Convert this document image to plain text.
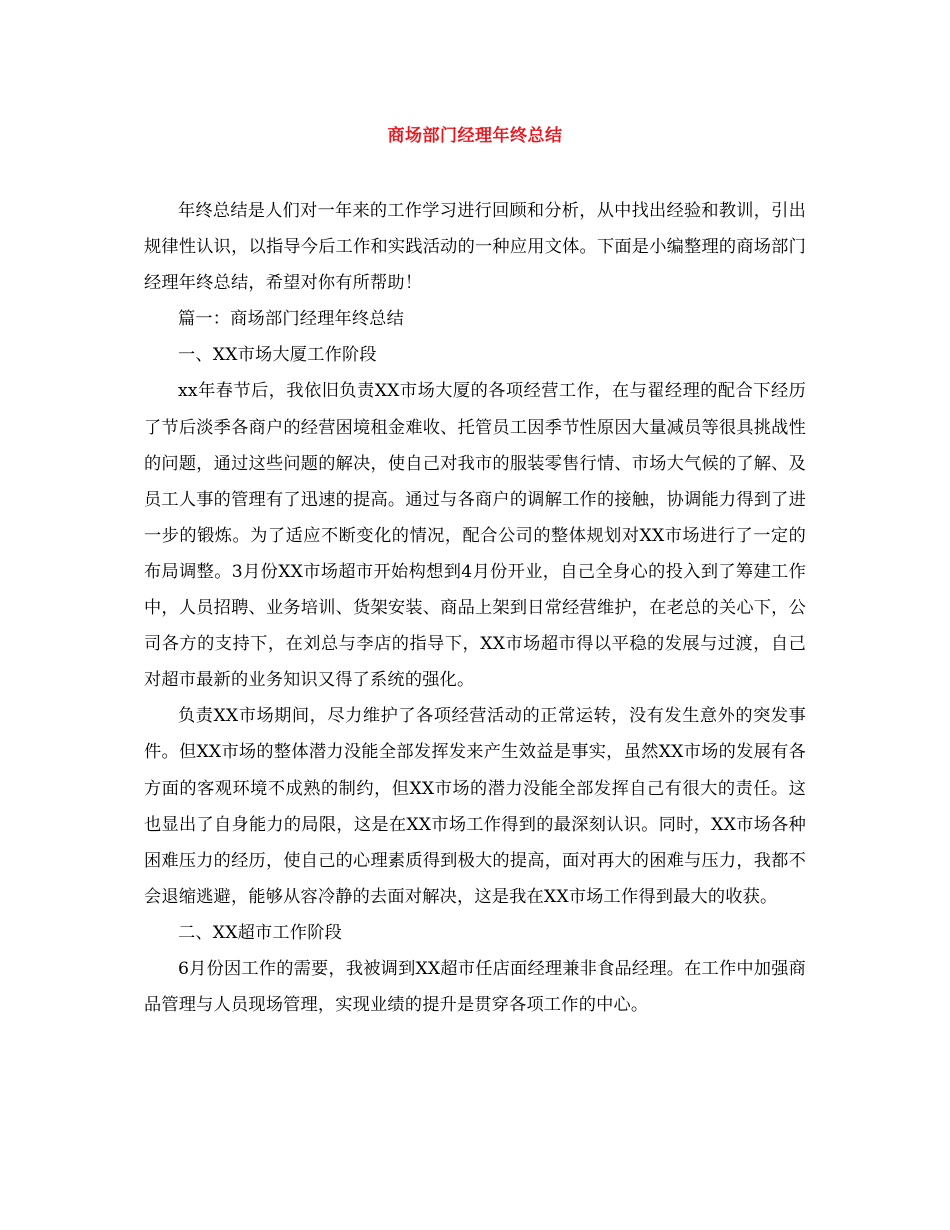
商场部门经理年终总结

年终总结是人们对一年来的工作学习进行回顾和分析，从中找出经验和教训，引出规律性认识，以指导今后工作和实践活动的一种应用文体。下面是小编整理的商场部门经理年终总结，希望对你有所帮助！

篇一：商场部门经理年终总结

一、XX市场大厦工作阶段

xx年春节后，我依旧负责XX市场大厦的各项经营工作，在与翟经理的配合下经历了节后淡季各商户的经营困境租金难收、托管员工因季节性原因大量减员等很具挑战性的问题，通过这些问题的解决，使自己对我市的服装零售行情、市场大气候的了解、及员工人事的管理有了迅速的提高。通过与各商户的调解工作的接触，协调能力得到了进一步的锻炼。为了适应不断变化的情况，配合公司的整体规划对XX市场进行了一定的布局调整。3月份XX市场超市开始构想到4月份开业，自己全身心的投入到了筹建工作中，人员招聘、业务培训、货架安装、商品上架到日常经营维护，在老总的关心下，公司各方的支持下，在刘总与李店的指导下，XX市场超市得以平稳的发展与过渡，自己对超市最新的业务知识又得了系统的强化。

负责XX市场期间，尽力维护了各项经营活动的正常运转，没有发生意外的突发事件。但XX市场的整体潜力没能全部发挥发来产生效益是事实，虽然XX市场的发展有各方面的客观环境不成熟的制约，但XX市场的潜力没能全部发挥自己有很大的责任。这也显出了自身能力的局限，这是在XX市场工作得到的最深刻认识。同时，XX市场各种困难压力的经历，使自己的心理素质得到极大的提高，面对再大的困难与压力，我都不会退缩逃避，能够从容冷静的去面对解决，这是我在XX市场工作得到最大的收获。

二、XX超市工作阶段

6月份因工作的需要，我被调到XX超市任店面经理兼非食品经理。在工作中加强商品管理与人员现场管理，实现业绩的提升是贯穿各项工作的中心。
